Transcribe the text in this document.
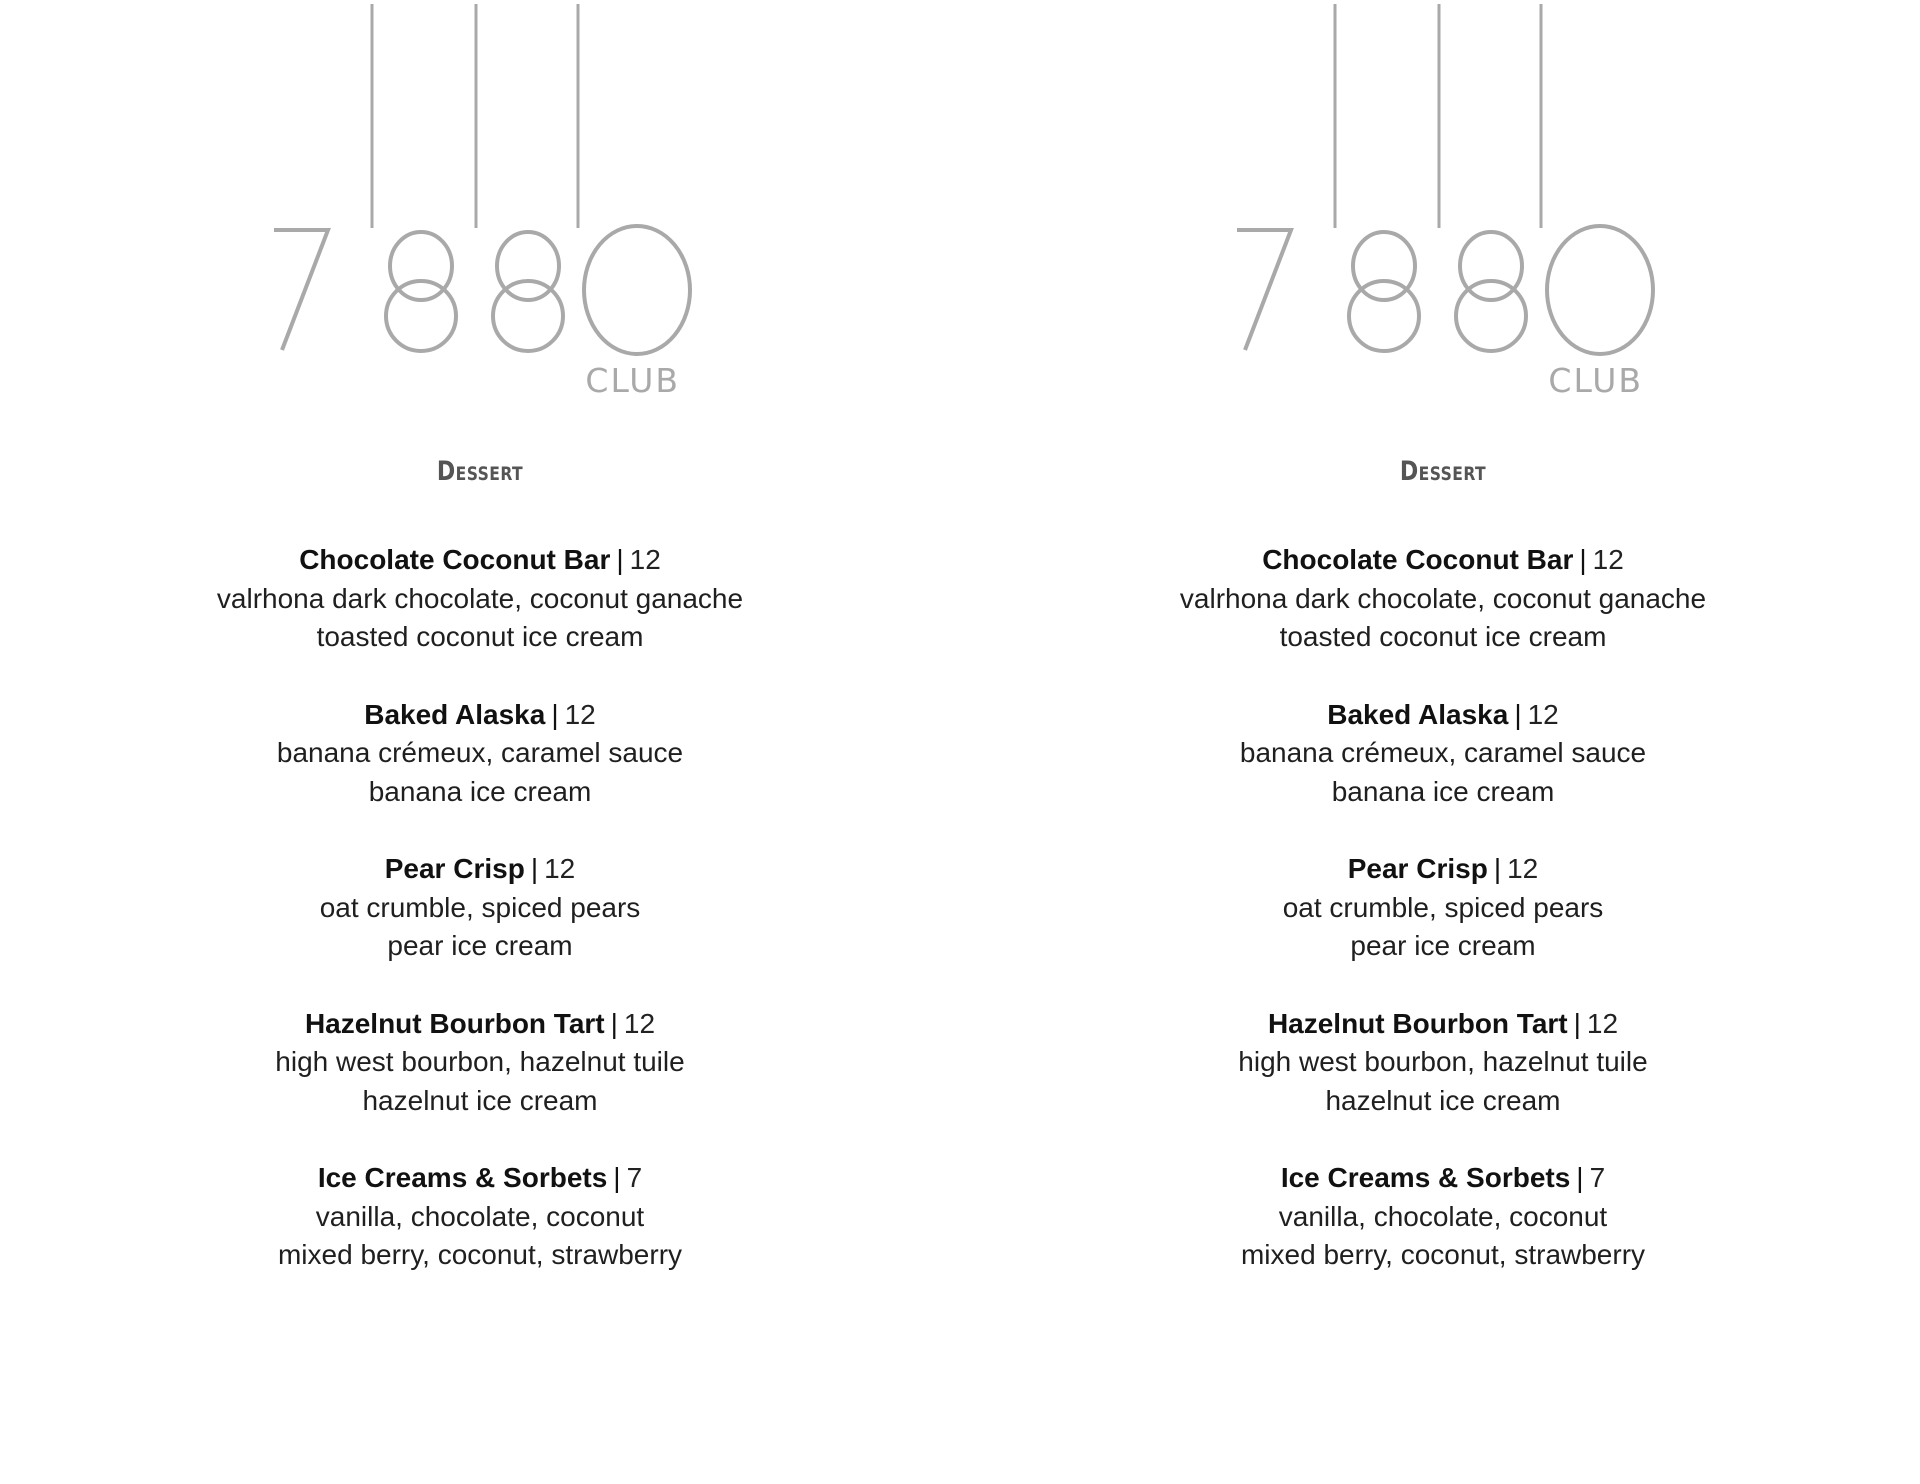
CLUB
Dessert
Chocolate Coconut Bar | 12
valrhona dark chocolate, coconut ganache
toasted coconut ice cream
Baked Alaska | 12
banana crémeux, caramel sauce
banana ice cream
Pear Crisp | 12
oat crumble, spiced pears
pear ice cream
Hazelnut Bourbon Tart | 12
high west bourbon, hazelnut tuile
hazelnut ice cream
Ice Creams & Sorbets | 7
vanilla, chocolate, coconut
mixed berry, coconut, strawberry
CLUB
Dessert
Chocolate Coconut Bar | 12
valrhona dark chocolate, coconut ganache
toasted coconut ice cream
Baked Alaska | 12
banana crémeux, caramel sauce
banana ice cream
Pear Crisp | 12
oat crumble, spiced pears
pear ice cream
Hazelnut Bourbon Tart | 12
high west bourbon, hazelnut tuile
hazelnut ice cream
Ice Creams & Sorbets | 7
vanilla, chocolate, coconut
mixed berry, coconut, strawberry
